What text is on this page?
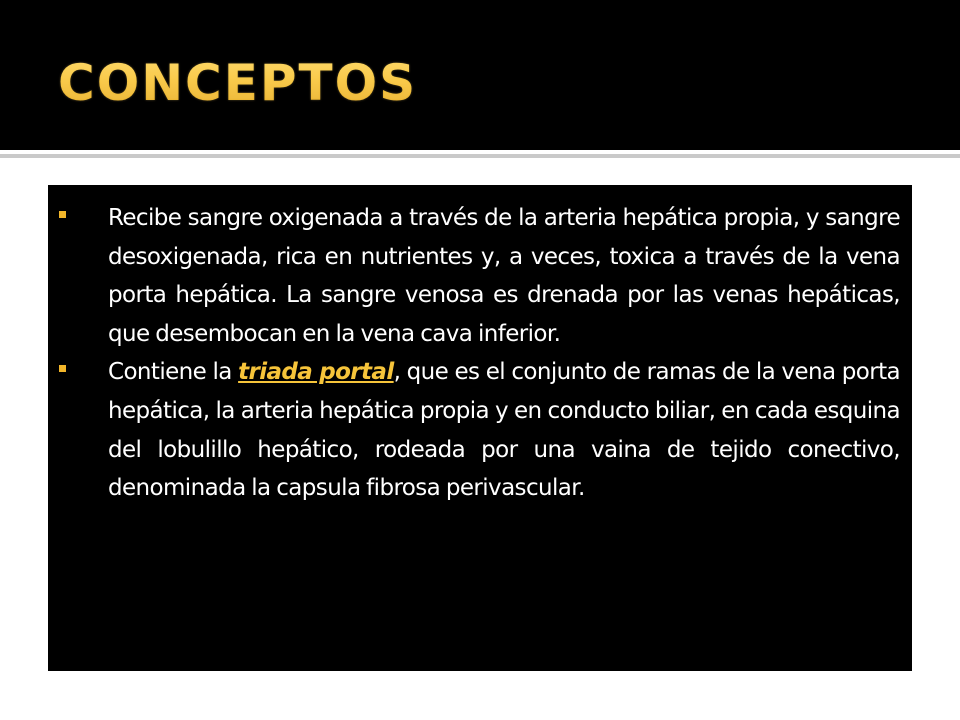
CONCEPTOS
Recibe sangre oxigenada a través de la arteria hepática propia, y sangre desoxigenada, rica en nutrientes y, a veces, toxica a través de la vena porta hepática. La sangre venosa es drenada por las venas hepáticas, que desembocan en la vena cava inferior.
Contiene la triada portal, que es el conjunto de ramas de la vena porta hepática, la arteria hepática propia y en conducto biliar, en cada esquina del lobulillo hepático, rodeada por una vaina de tejido conectivo, denominada la capsula fibrosa perivascular.
